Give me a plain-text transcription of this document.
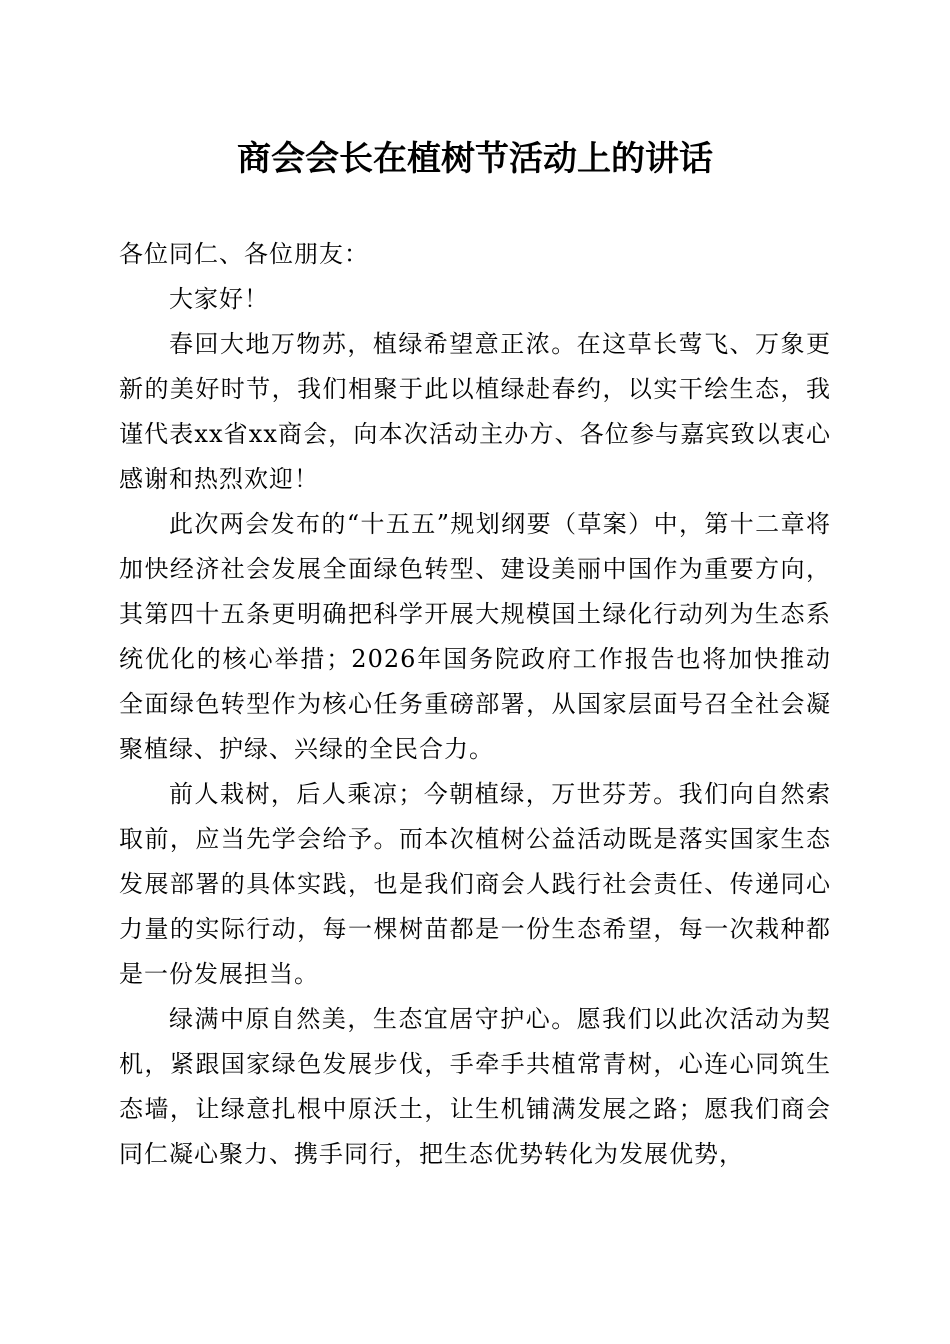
商会会长在植树节活动上的讲话

各位同仁、各位朋友：

大家好！

春回大地万物苏，植绿希望意正浓。在这草长莺飞、万象更新的美好时节，我们相聚于此以植绿赴春约，以实干绘生态，我谨代表xx省xx商会，向本次活动主办方、各位参与嘉宾致以衷心感谢和热烈欢迎！

此次两会发布的“十五五”规划纲要（草案）中，第十二章将加快经济社会发展全面绿色转型、建设美丽中国作为重要方向，其第四十五条更明确把科学开展大规模国土绿化行动列为生态系统优化的核心举措；2026年国务院政府工作报告也将加快推动全面绿色转型作为核心任务重磅部署，从国家层面号召全社会凝聚植绿、护绿、兴绿的全民合力。

前人栽树，后人乘凉；今朝植绿，万世芬芳。我们向自然索取前，应当先学会给予。而本次植树公益活动既是落实国家生态发展部署的具体实践，也是我们商会人践行社会责任、传递同心力量的实际行动，每一棵树苗都是一份生态希望，每一次栽种都是一份发展担当。

绿满中原自然美，生态宜居守护心。愿我们以此次活动为契机，紧跟国家绿色发展步伐，手牵手共植常青树，心连心同筑生态墙，让绿意扎根中原沃土，让生机铺满发展之路；愿我们商会同仁凝心聚力、携手同行，把生态优势转化为发展优势，
